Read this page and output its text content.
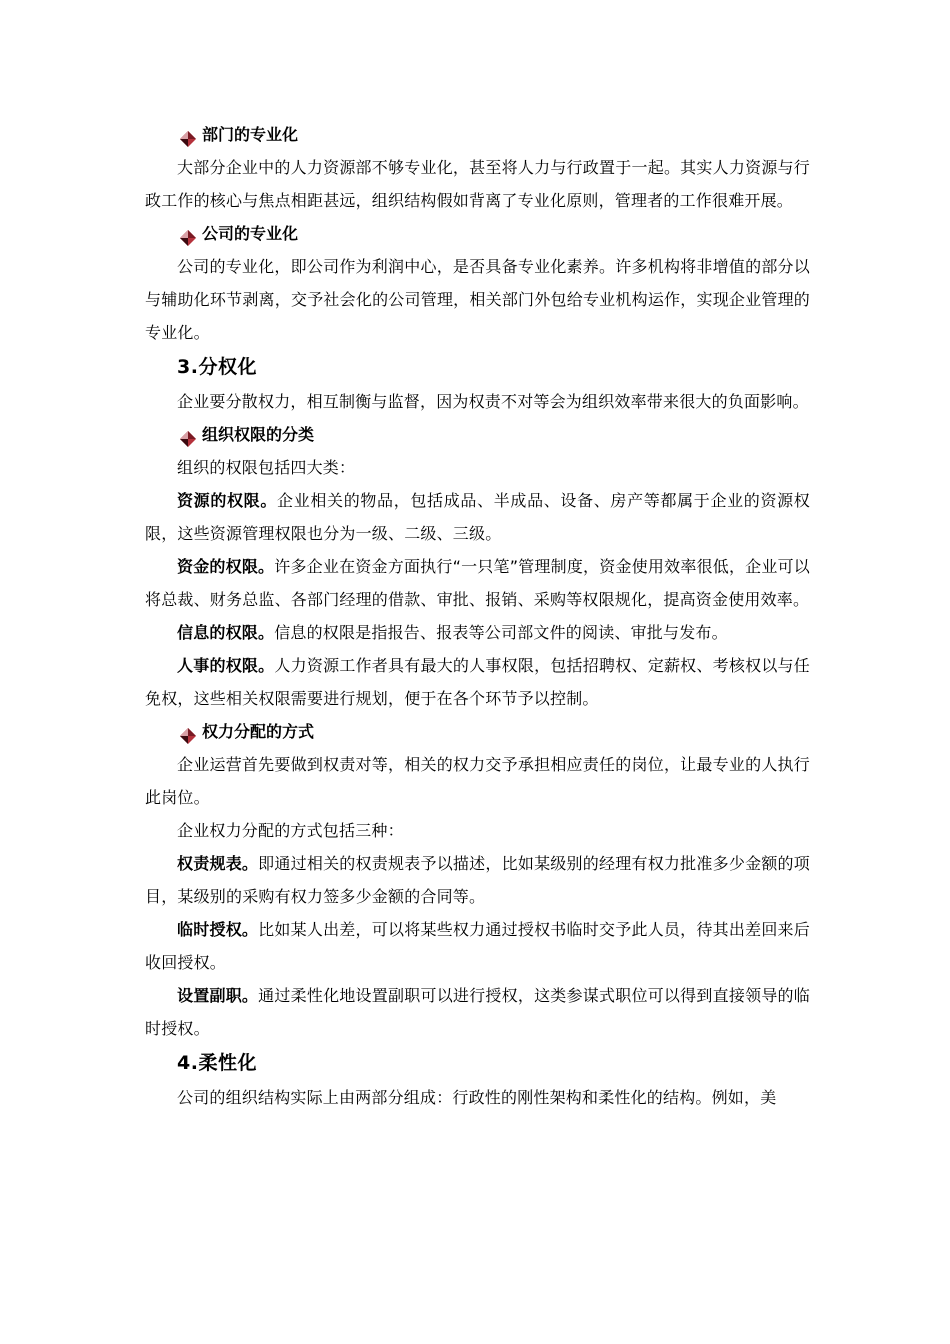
部门的专业化

大部分企业中的人力资源部不够专业化，甚至将人力与行政置于一起。其实人力资源与行政工作的核心与焦点相距甚远，组织结构假如背离了专业化原则，管理者的工作很难开展。

公司的专业化

公司的专业化，即公司作为利润中心，是否具备专业化素养。许多机构将非增值的部分以与辅助化环节剥离，交予社会化的公司管理，相关部门外包给专业机构运作，实现企业管理的专业化。

3.分权化

企业要分散权力，相互制衡与监督，因为权责不对等会为组织效率带来很大的负面影响。

组织权限的分类

组织的权限包括四大类：

资源的权限。企业相关的物品，包括成品、半成品、设备、房产等都属于企业的资源权限，这些资源管理权限也分为一级、二级、三级。

资金的权限。许多企业在资金方面执行“一只笔”管理制度，资金使用效率很低，企业可以将总裁、财务总监、各部门经理的借款、审批、报销、采购等权限规化，提高资金使用效率。

信息的权限。信息的权限是指报告、报表等公司部文件的阅读、审批与发布。

人事的权限。人力资源工作者具有最大的人事权限，包括招聘权、定薪权、考核权以与任免权，这些相关权限需要进行规划，便于在各个环节予以控制。

权力分配的方式

企业运营首先要做到权责对等，相关的权力交予承担相应责任的岗位，让最专业的人执行此岗位。

企业权力分配的方式包括三种：

权责规表。即通过相关的权责规表予以描述，比如某级别的经理有权力批准多少金额的项目，某级别的采购有权力签多少金额的合同等。

临时授权。比如某人出差，可以将某些权力通过授权书临时交予此人员，待其出差回来后收回授权。

设置副职。通过柔性化地设置副职可以进行授权，这类参谋式职位可以得到直接领导的临时授权。

4.柔性化

公司的组织结构实际上由两部分组成：行政性的刚性架构和柔性化的结构。例如，美
